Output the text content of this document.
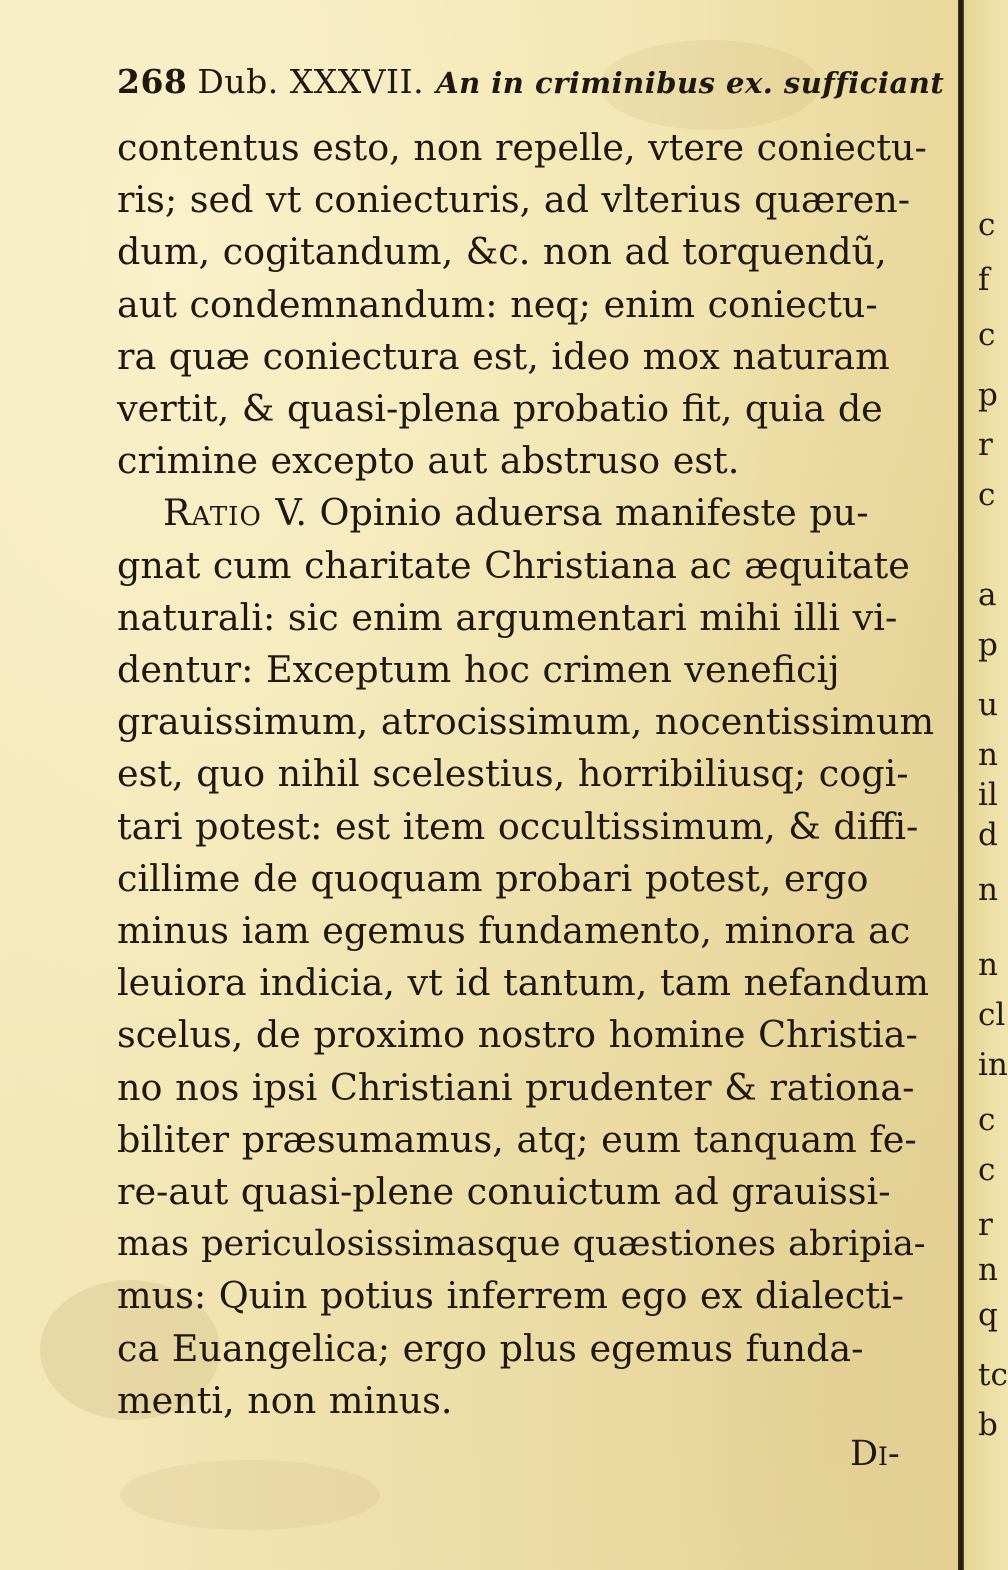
268 Dub. XXXVII. An in criminibus ex. sufficiant
contentus esto, non repelle, vtere coniectu-
ris; sed vt coniecturis, ad vlterius quæren-
dum, cogitandum, &c. non ad torquendũ,
aut condemnandum: neq; enim coniectu-
ra quæ coniectura est, ideo mox naturam
vertit, & quasi-plena probatio fit, quia de
crimine excepto aut abstruso est.
Ratio V. Opinio aduersa manifeste pu-
gnat cum charitate Christiana ac æquitate
naturali: sic enim argumentari mihi illi vi-
dentur: Exceptum hoc crimen veneficij
grauissimum, atrocissimum, nocentissimum
est, quo nihil scelestius, horribiliusq; cogi-
tari potest: est item occultissimum, & diffi-
cillime de quoquam probari potest, ergo
minus iam egemus fundamento, minora ac
leuiora indicia, vt id tantum, tam nefandum
scelus, de proximo nostro homine Christia-
no nos ipsi Christiani prudenter & rationa-
biliter præsumamus, atq; eum tanquam fe-
re-aut quasi-plene conuictum ad grauissi-
mas periculosissimasque quæstiones abripia-
mus: Quin potius inferrem ego ex dialecti-
ca Euangelica; ergo plus egemus funda-
menti, non minus.
Di-
c
f
c
p
r
c
a
p
u
n
il
d
n
n
cl
in
c
c
r
n
q
tc
b
